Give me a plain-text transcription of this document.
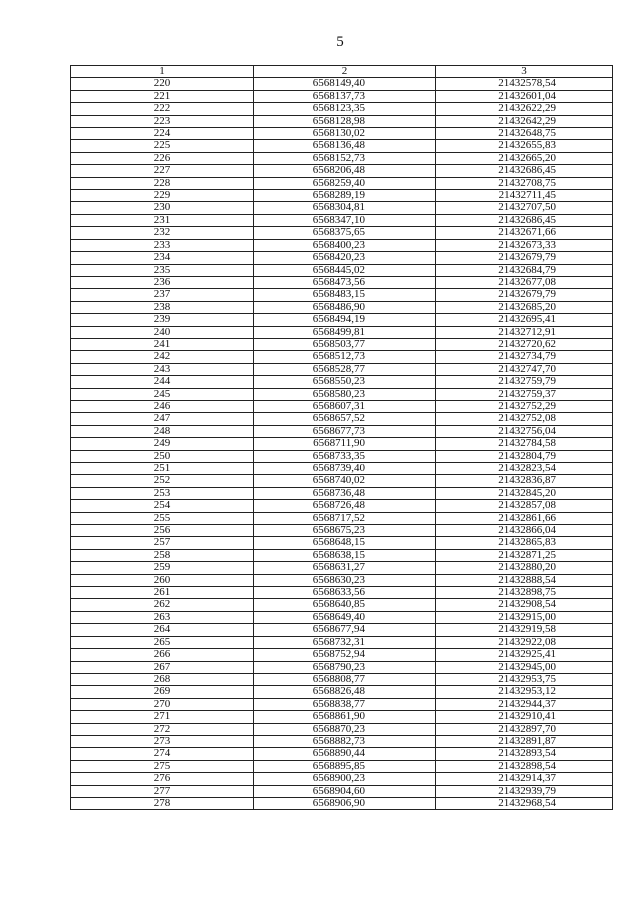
5
1	2	3
220	6568149,40	21432578,54
221	6568137,73	21432601,04
222	6568123,35	21432622,29
223	6568128,98	21432642,29
224	6568130,02	21432648,75
225	6568136,48	21432655,83
226	6568152,73	21432665,20
227	6568206,48	21432686,45
228	6568259,40	21432708,75
229	6568289,19	21432711,45
230	6568304,81	21432707,50
231	6568347,10	21432686,45
232	6568375,65	21432671,66
233	6568400,23	21432673,33
234	6568420,23	21432679,79
235	6568445,02	21432684,79
236	6568473,56	21432677,08
237	6568483,15	21432679,79
238	6568486,90	21432685,20
239	6568494,19	21432695,41
240	6568499,81	21432712,91
241	6568503,77	21432720,62
242	6568512,73	21432734,79
243	6568528,77	21432747,70
244	6568550,23	21432759,79
245	6568580,23	21432759,37
246	6568607,31	21432752,29
247	6568657,52	21432752,08
248	6568677,73	21432756,04
249	6568711,90	21432784,58
250	6568733,35	21432804,79
251	6568739,40	21432823,54
252	6568740,02	21432836,87
253	6568736,48	21432845,20
254	6568726,48	21432857,08
255	6568717,52	21432861,66
256	6568675,23	21432866,04
257	6568648,15	21432865,83
258	6568638,15	21432871,25
259	6568631,27	21432880,20
260	6568630,23	21432888,54
261	6568633,56	21432898,75
262	6568640,85	21432908,54
263	6568649,40	21432915,00
264	6568677,94	21432919,58
265	6568732,31	21432922,08
266	6568752,94	21432925,41
267	6568790,23	21432945,00
268	6568808,77	21432953,75
269	6568826,48	21432953,12
270	6568838,77	21432944,37
271	6568861,90	21432910,41
272	6568870,23	21432897,70
273	6568882,73	21432891,87
274	6568890,44	21432893,54
275	6568895,85	21432898,54
276	6568900,23	21432914,37
277	6568904,60	21432939,79
278	6568906,90	21432968,54
